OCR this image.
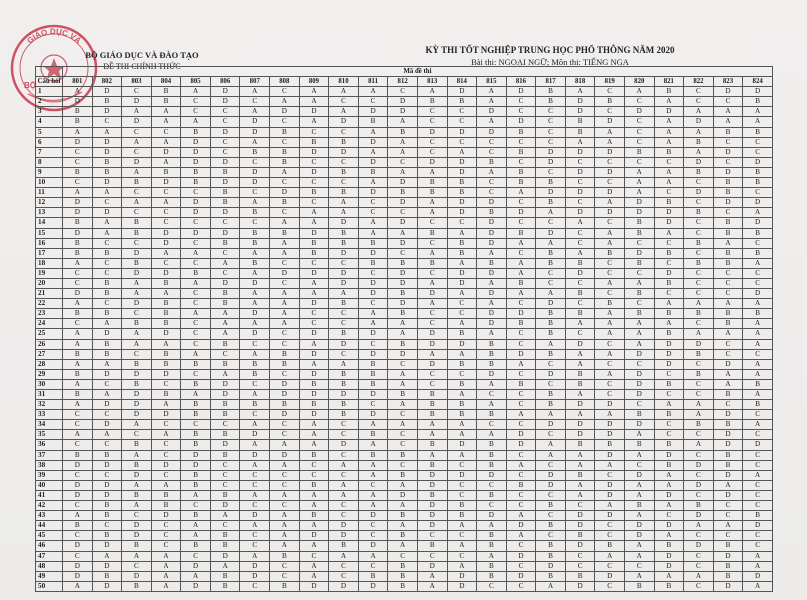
GIÁO DỤC VÀ
BỘ
BỘ GIÁO DỤC VÀ ĐÀO TẠO
ĐỀ THI CHÍNH THỨC
KỲ THI TỐT NGHIỆP TRUNG HỌC PHỔ THÔNG NĂM 2020
Bài thi: NGOẠI NGỮ; Môn thi: TIẾNG NGA
	Mã đề thi																							
Câu hỏi	801	802	803	804	805	806	807	808	809	810	811	812	813	814	815	816	817	818	819	820	821	822	823	824
1	A	D	C	B	A	D	A	C	A	A	A	C	A	D	A	D	B	A	C	A	B	C	D	D
2	D	B	D	B	C	D	C	A	A	C	C	D	B	B	A	C	B	D	B	C	A	C	C	B
3	B	D	A	A	C	C	A	D	D	A	D	D	C	C	D	C	C	D	C	D	D	A	A	A
4	B	C	D	A	A	C	D	C	A	D	B	A	C	C	A	D	C	B	D	C	A	D	A	A
5	A	A	C	C	B	D	D	B	C	C	A	B	D	D	D	B	C	B	A	C	A	A	B	B
6	D	D	A	A	D	C	A	C	B	B	D	A	C	C	C	C	C	A	A	C	A	B	C	C
7	C	D	C	D	D	C	B	B	D	D	A	A	C	A	C	B	D	D	D	B	B	A	D	C
8	C	B	D	A	D	D	C	B	C	C	D	C	D	D	B	C	D	C	C	C	C	D	C	D
9	B	B	A	B	B	B	D	A	D	B	B	A	A	D	A	B	C	D	D	A	A	B	D	B
10	C	D	B	D	B	D	D	C	C	C	A	D	B	B	C	B	B	C	C	A	A	C	B	B
11	A	A	C	C	C	B	C	D	B	B	D	B	B	B	C	A	D	D	D	A	C	D	B	C
12	D	C	A	A	D	B	A	B	C	A	C	D	A	D	D	C	B	C	A	D	B	C	D	D
13	D	D	C	C	D	D	B	C	A	A	C	C	A	D	B	D	A	D	D	D	D	B	C	A
14	B	A	B	C	C	C	C	A	A	D	A	D	C	C	D	C	C	A	C	B	D	C	B	D
15	D	A	B	D	D	D	B	B	D	B	A	A	B	A	D	B	D	C	A	B	A	C	B	B
16	B	C	C	D	C	B	B	A	B	B	B	D	C	B	D	A	A	C	A	C	C	B	A	C
17	B	B	D	A	A	C	A	A	B	D	D	C	A	B	A	C	B	A	B	D	B	C	B	B
18	A	C	B	C	C	A	B	C	C	C	B	B	B	A	B	A	B	B	C	B	C	B	B	A
19	C	C	D	D	B	C	A	D	D	D	C	D	C	D	D	A	C	D	C	C	D	C	C	C
20	C	B	A	B	A	D	D	C	A	D	D	D	A	D	A	B	C	C	A	A	B	C	C	C
21	D	B	A	A	C	B	A	A	A	A	D	B	D	A	D	A	A	B	C	B	C	C	C	D
22	A	C	D	B	C	B	A	A	D	B	C	D	A	C	A	C	D	C	B	C	A	A	A	A
23	B	B	C	B	A	A	D	A	C	C	A	B	C	C	D	D	B	B	A	B	B	B	B	B
24	C	A	B	B	C	A	A	A	C	C	A	A	C	A	D	B	B	A	A	A	A	C	B	A
25	A	D	A	D	C	A	D	C	D	B	D	A	D	B	A	C	B	C	A	A	B	A	A	A
26	A	B	A	A	C	B	C	C	A	D	C	B	D	D	B	C	A	D	C	A	D	D	C	A
27	B	B	C	B	A	C	A	B	D	C	D	D	A	A	B	D	B	A	A	D	D	B	C	C
28	A	A	B	B	B	B	B	B	A	A	B	C	D	B	B	A	C	A	C	C	D	C	D	A
29	B	D	D	D	C	A	B	C	D	B	B	A	C	C	D	C	D	B	A	D	C	B	A	A
30	A	C	B	C	B	D	C	D	B	B	B	A	C	B	A	B	C	B	C	D	B	C	A	B
31	B	A	D	B	A	D	A	D	D	D	D	B	B	A	C	C	B	A	C	D	C	C	B	A
32	A	D	D	A	B	B	B	B	B	B	C	A	B	B	A	C	B	D	D	C	A	A	C	B
33	C	C	D	D	B	B	C	D	D	B	D	C	B	B	B	A	A	A	A	B	B	A	D	C
34	C	D	A	C	C	C	A	C	A	C	A	A	A	A	C	C	D	D	D	D	C	B	B	A
35	A	A	C	A	B	B	D	C	A	C	B	C	A	A	A	D	C	D	D	A	C	C	D	C
36	C	C	B	C	B	D	A	A	A	D	A	C	B	D	B	D	A	B	B	B	B	A	D	D
37	B	B	A	C	D	B	D	D	B	C	B	B	A	A	B	C	A	A	D	A	D	C	B	C
38	D	D	B	D	D	C	A	A	C	A	A	C	B	C	B	A	C	A	A	C	B	D	B	C
39	C	C	D	C	B	C	C	C	C	C	A	B	D	D	D	C	D	B	C	D	A	C	D	A
40	D	D	A	A	B	C	C	C	B	A	C	A	D	C	C	B	D	A	D	A	A	D	A	C
41	D	D	B	B	A	B	A	A	A	A	A	D	B	C	B	C	C	A	D	A	D	C	D	C
42	C	B	A	B	C	D	C	C	A	C	A	A	D	B	C	C	B	C	A	B	A	B	C	C
43	A	B	C	D	B	A	D	A	B	C	D	B	D	B	D	A	C	D	D	A	C	D	C	B
44	B	C	D	C	A	C	A	A	A	D	C	A	D	A	A	D	B	D	C	D	D	A	A	D
45	C	B	D	C	A	B	C	A	D	D	C	B	C	C	B	A	C	B	C	D	A	C	C	C
46	D	D	B	C	B	B	C	A	A	B	D	A	B	A	B	C	B	D	B	A	B	D	B	C
47	C	A	A	A	C	D	A	B	C	A	A	C	C	C	A	D	B	C	A	A	D	C	D	A
48	D	D	C	A	D	A	D	C	A	C	C	B	D	A	B	C	D	C	C	C	D	C	B	A
49	D	B	D	A	A	B	D	C	A	C	B	B	A	D	B	D	B	B	D	A	A	A	B	D
50	A	D	B	A	D	B	C	B	D	D	D	B	A	D	C	C	A	D	C	B	B	C	D	A
